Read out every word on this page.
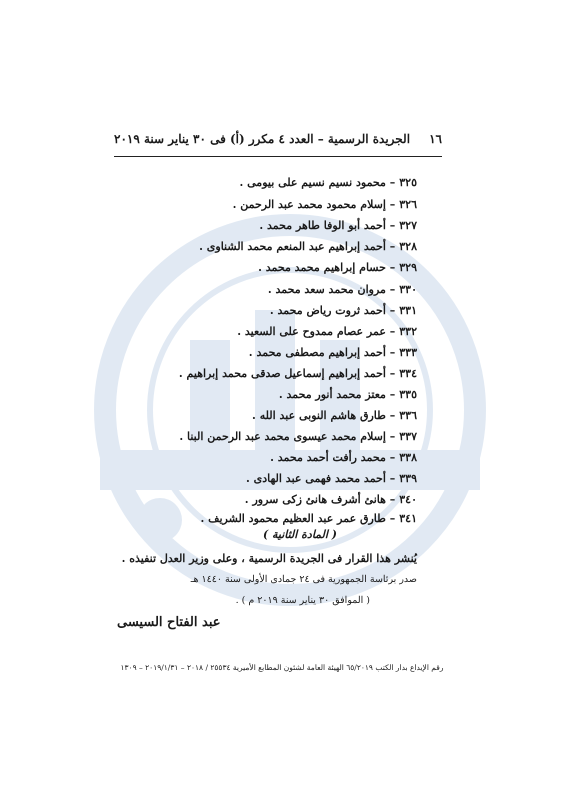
١٦
الجريدة الرسمية – العدد ٤ مكرر (أ) فى ٣٠ يناير سنة ٢٠١٩
٣٢٥– محمود نسيم نسيم على بيومى .
٣٢٦– إسلام محمود محمد عبد الرحمن .
٣٢٧– أحمد أبو الوفا طاهر محمد .
٣٢٨– أحمد إبراهيم عبد المنعم محمد الشناوى .
٣٢٩– حسام إبراهيم محمد محمد .
٣٣٠– مروان محمد سعد محمد .
٣٣١– أحمد ثروت رياض محمد .
٣٣٢– عمر عصام ممدوح على السعيد .
٣٣٣– أحمد إبراهيم مصطفى محمد .
٣٣٤– أحمد إبراهيم إسماعيل صدقى محمد إبراهيم .
٣٣٥– معتز محمد أنور محمد .
٣٣٦– طارق هاشم النوبى عبد الله .
٣٣٧– إسلام محمد عيسوى محمد عبد الرحمن البنا .
٣٣٨– محمد رأفت أحمد محمد .
٣٣٩– أحمد محمد فهمى عبد الهادى .
٣٤٠– هانئ أشرف هانئ زكى سرور .
٣٤١– طارق عمر عبد العظيم محمود الشريف .
( المادة الثانية )
يُنشر هذا القرار فى الجريدة الرسمية ، وعلى وزير العدل تنفيذه .
صدر برئاسة الجمهورية فى ٢٤ جمادى الأولى سنة ١٤٤٠ هـ
( الموافق ٣٠ يناير سنة ٢٠١٩ م ) .
عبد الفتاح السيسى
رقم الإيداع بدار الكتب ٦٥/٢٠١٩ الهيئة العامة لشئون المطابع الأميرية ٢٥٥٣٤ / ٢٠١٨ – ٢٠١٩/١/٣١ – ١٣٠٩
